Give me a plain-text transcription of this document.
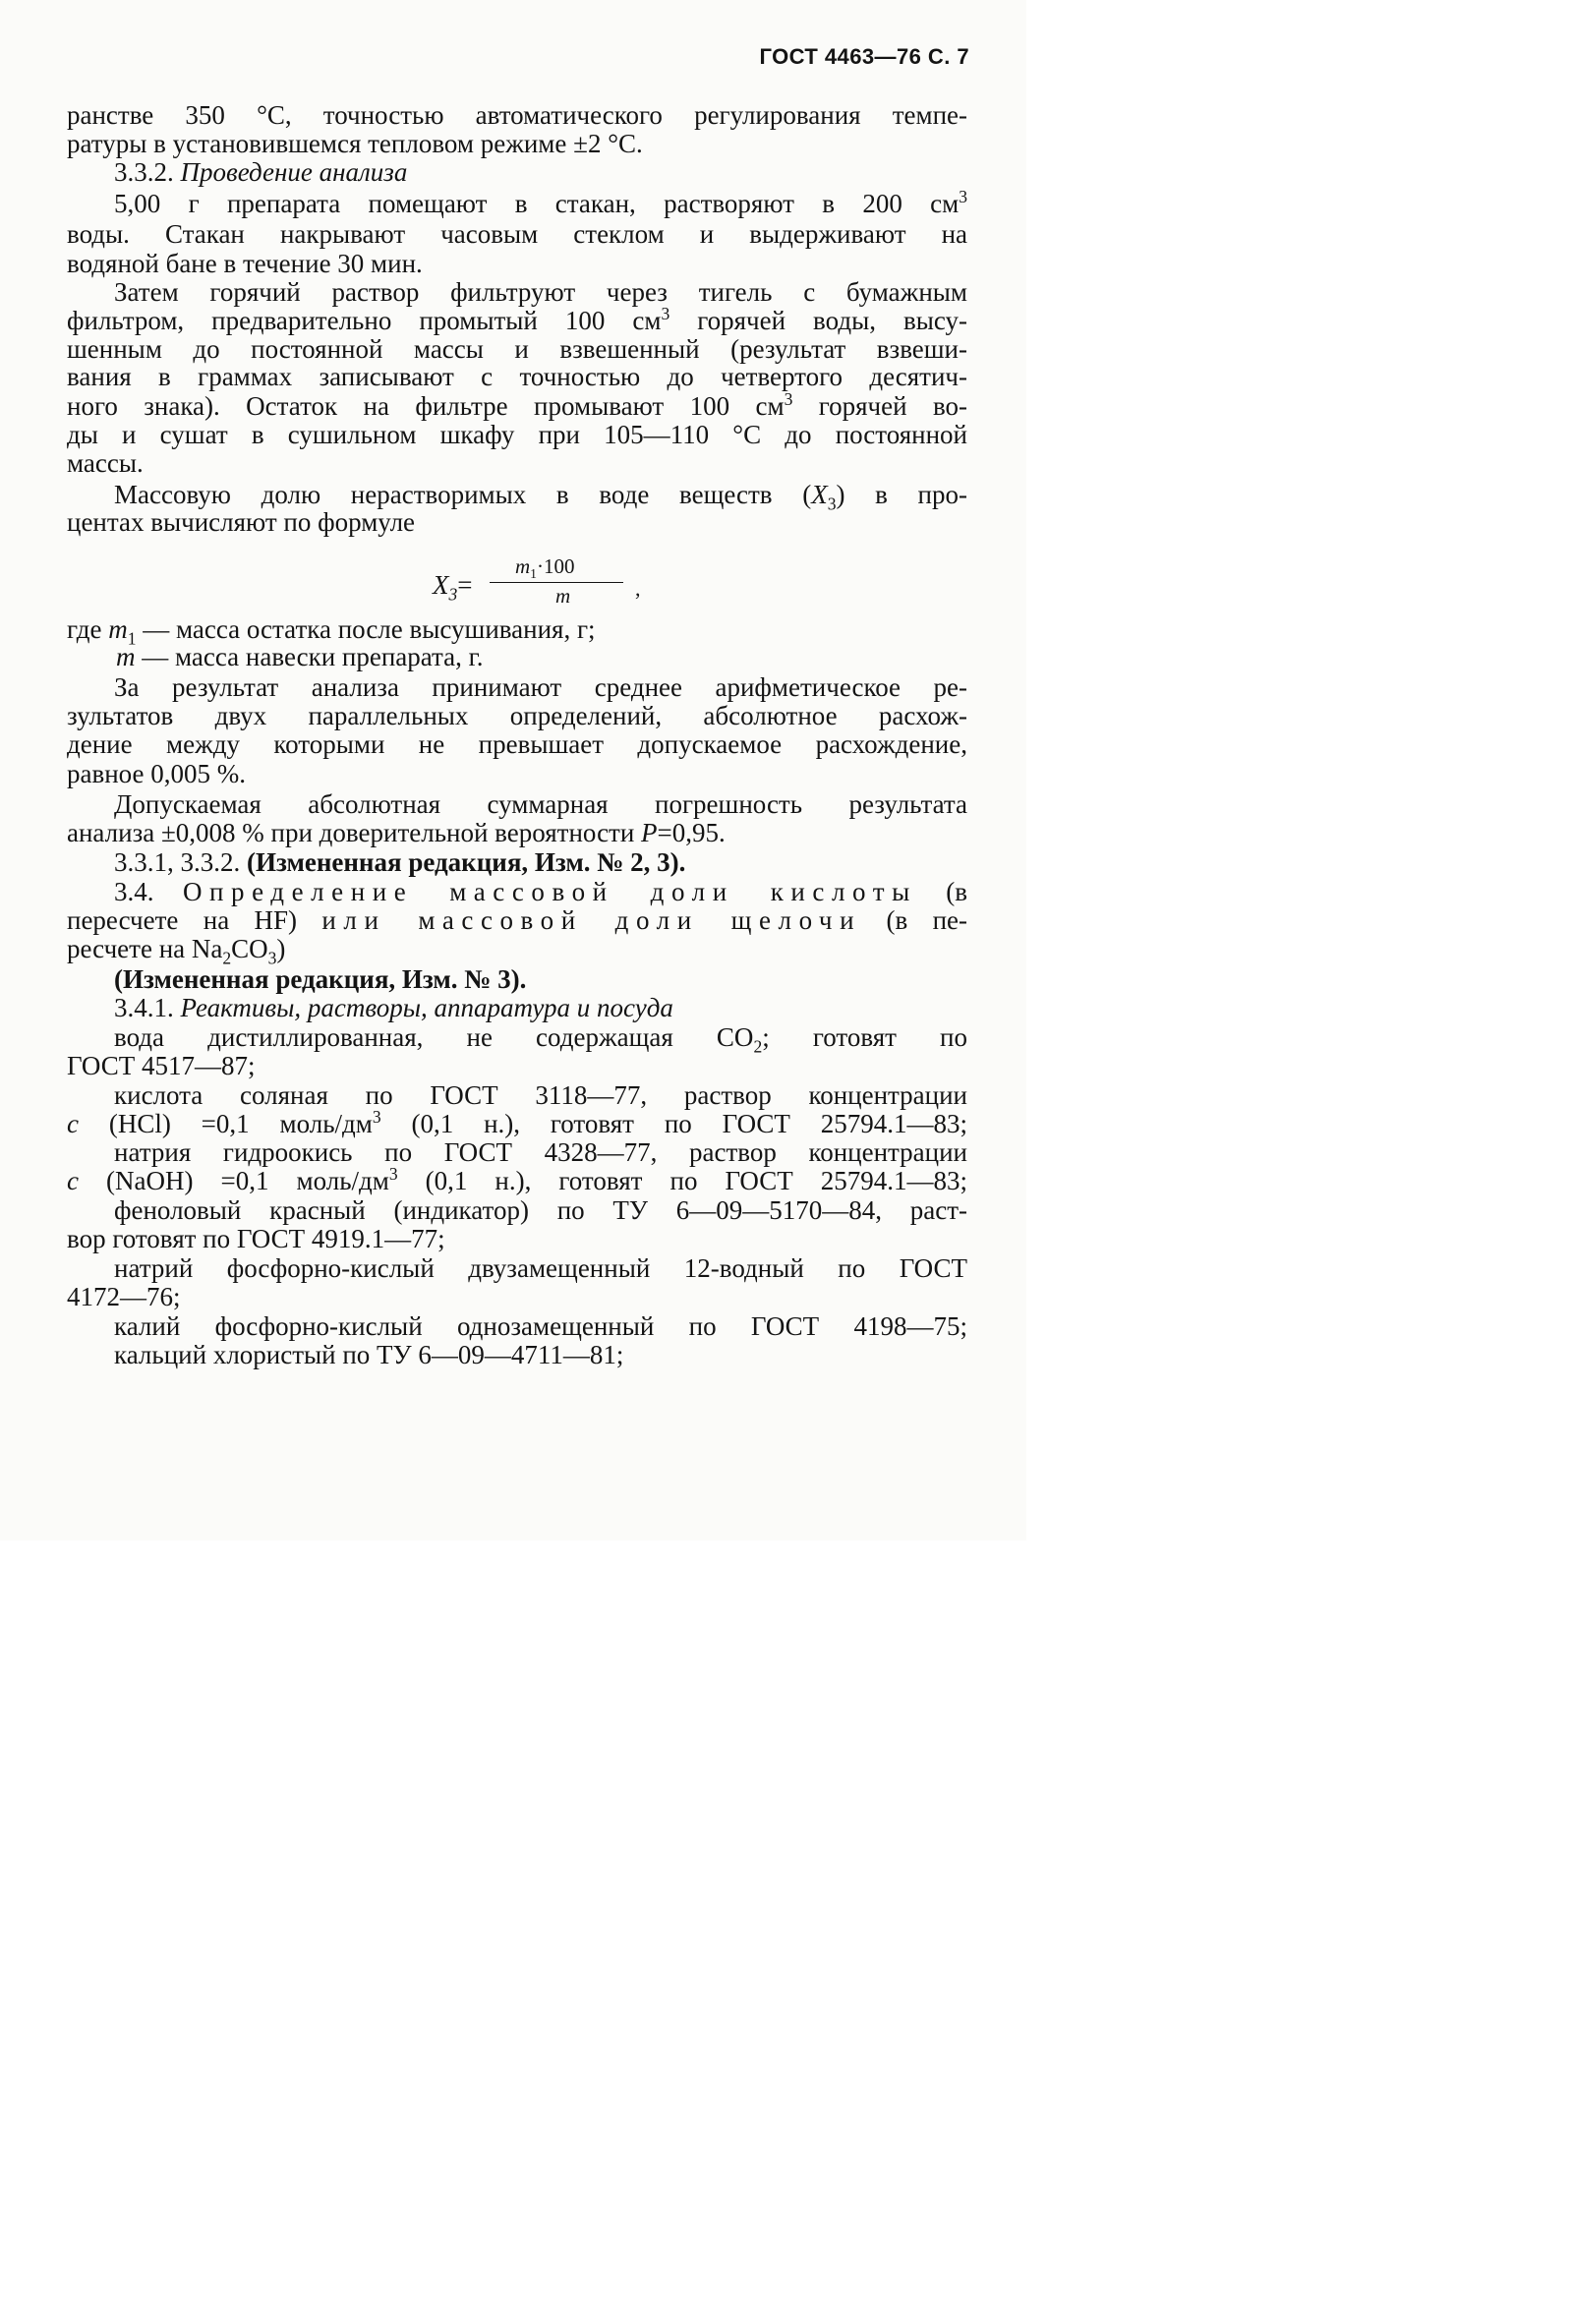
ГОСТ 4463—76 С. 7
ранстве 350 °С, точностью автоматического регулирования темпе-
ратуры в установившемся тепловом режиме ±2 °С.
3.3.2. Проведение анализа
5,00 г препарата помещают в стакан, растворяют в 200 $см^3$
воды. Стакан накрывают часовым стеклом и выдерживают на
водяной бане в течение 30 мин.
Затем горячий раствор фильтруют через тигель с бумажным
фильтром, предварительно промытый 100 $см^3$ горячей воды, высу-
шенным до постоянной массы и взвешенный (результат взвеши-
вания в граммах записывают с точностью до четвертого десятич-
ного знака). Остаток на фильтре промывают 100 $см^3$ горячей во-
ды и сушат в сушильном шкафу при 105—110 °С до постоянной
массы.
Массовую долю нерастворимых в воде веществ $(X_3)$ в про-
центах вычисляют по формуле
$X_3=$
$m_1\cdot 100$
m	,
где $m_1$ — масса остатка после высушивания, г;
m — масса навески препарата, г.
За результат анализа принимают среднее арифметическое ре-
зультатов двух параллельных определений, абсолютное расхож-
дение между которыми не превышает допускаемое расхождение,
равное 0,005 %.
Допускаемая абсолютная суммарная погрешность результата
анализа ±0,008 % при доверительной вероятности P=0,95.
3.3.1, 3.3.2. (Измененная редакция, Изм. № 2, 3).
3.4. Определение массовой доли кислоты (в
пересчете на HF) или массовой доли щелочи (в пе-
ресчете на $Na_2CO_3$)
(Измененная редакция, Изм. № 3).
3.4.1. Реактивы, растворы, аппаратура и посуда
вода дистиллированная, не содержащая $СО_2$; готовят по
ГОСТ 4517—87;
кислота соляная по ГОСТ 3118—77, раствор концентрации
с (НСl) =0,1 моль/$дм^3$ (0,1 н.), готовят по ГОСТ 25794.1—83;
натрия гидроокись по ГОСТ 4328—77, раствор концентрации
с (NaOH) =0,1 моль/$дм^3$ (0,1 н.), готовят по ГОСТ 25794.1—83;
феноловый красный (индикатор) по ТУ 6—09—5170—84, раст-
вор готовят по ГОСТ 4919.1—77;
натрий фосфорно-кислый двузамещенный 12-водный по ГОСТ
4172—76;
калий фосфорно-кислый однозамещенный по ГОСТ 4198—75;
кальций хлористый по ТУ 6—09—4711—81;
